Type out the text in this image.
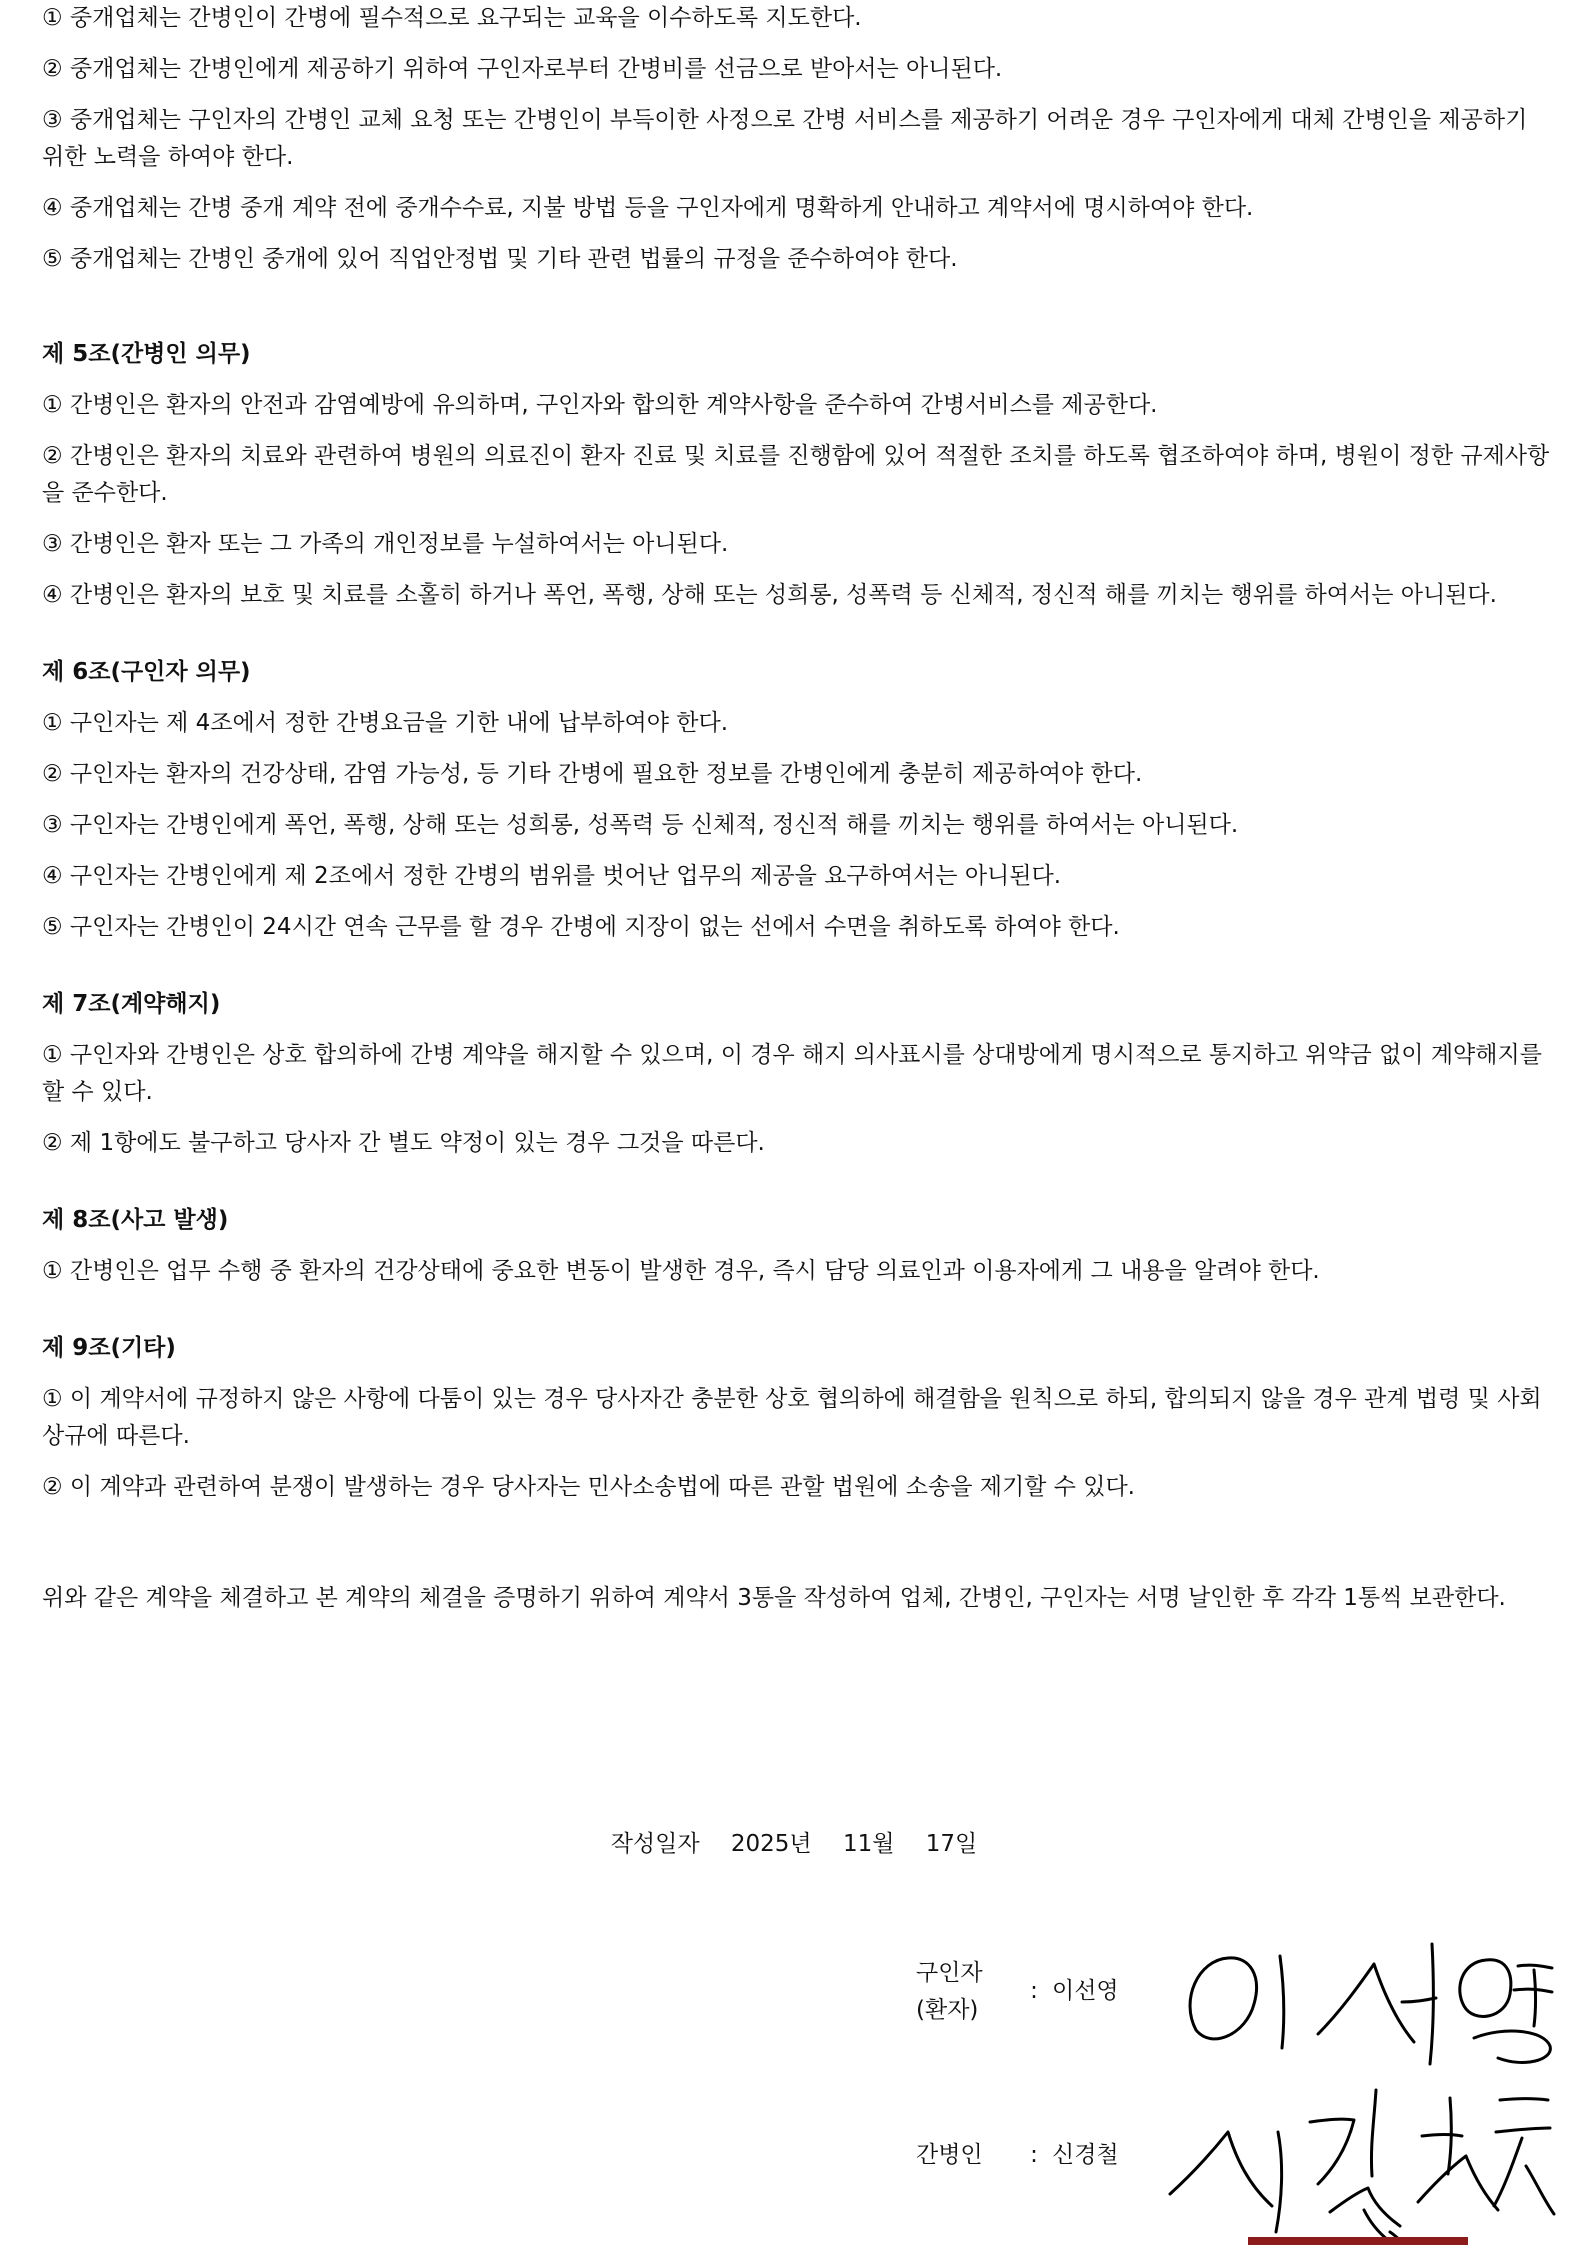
① 중개업체는 간병인이 간병에 필수적으로 요구되는 교육을 이수하도록 지도한다.

② 중개업체는 간병인에게 제공하기 위하여 구인자로부터 간병비를 선금으로 받아서는 아니된다.

③ 중개업체는 구인자의 간병인 교체 요청 또는 간병인이 부득이한 사정으로 간병 서비스를 제공하기 어려운 경우 구인자에게 대체 간병인을 제공하기 위한 노력을 하여야 한다.

④ 중개업체는 간병 중개 계약 전에 중개수수료, 지불 방법 등을 구인자에게 명확하게 안내하고 계약서에 명시하여야 한다.

⑤ 중개업체는 간병인 중개에 있어 직업안정법 및 기타 관련 법률의 규정을 준수하여야 한다.

제 5조(간병인 의무)

① 간병인은 환자의 안전과 감염예방에 유의하며, 구인자와 합의한 계약사항을 준수하여 간병서비스를 제공한다.

② 간병인은 환자의 치료와 관련하여 병원의 의료진이 환자 진료 및 치료를 진행함에 있어 적절한 조치를 하도록 협조하여야 하며, 병원이 정한 규제사항을 준수한다.

③ 간병인은 환자 또는 그 가족의 개인정보를 누설하여서는 아니된다.

④ 간병인은 환자의 보호 및 치료를 소홀히 하거나 폭언, 폭행, 상해 또는 성희롱, 성폭력 등 신체적, 정신적 해를 끼치는 행위를 하여서는 아니된다.

제 6조(구인자 의무)

① 구인자는 제 4조에서 정한 간병요금을 기한 내에 납부하여야 한다.

② 구인자는 환자의 건강상태, 감염 가능성, 등 기타 간병에 필요한 정보를 간병인에게 충분히 제공하여야 한다.

③ 구인자는 간병인에게 폭언, 폭행, 상해 또는 성희롱, 성폭력 등 신체적, 정신적 해를 끼치는 행위를 하여서는 아니된다.

④ 구인자는 간병인에게 제 2조에서 정한 간병의 범위를 벗어난 업무의 제공을 요구하여서는 아니된다.

⑤ 구인자는 간병인이 24시간 연속 근무를 할 경우 간병에 지장이 없는 선에서 수면을 취하도록 하여야 한다.

제 7조(계약해지)

① 구인자와 간병인은 상호 합의하에 간병 계약을 해지할 수 있으며, 이 경우 해지 의사표시를 상대방에게 명시적으로 통지하고 위약금 없이 계약해지를 할 수 있다.

② 제 1항에도 불구하고 당사자 간 별도 약정이 있는 경우 그것을 따른다.

제 8조(사고 발생)

① 간병인은 업무 수행 중 환자의 건강상태에 중요한 변동이 발생한 경우, 즉시 담당 의료인과 이용자에게 그 내용을 알려야 한다.

제 9조(기타)

① 이 계약서에 규정하지 않은 사항에 다툼이 있는 경우 당사자간 충분한 상호 협의하에 해결함을 원칙으로 하되, 합의되지 않을 경우 관계 법령 및 사회상규에 따른다.

② 이 계약과 관련하여 분쟁이 발생하는 경우 당사자는 민사소송법에 따른 관할 법원에 소송을 제기할 수 있다.

위와 같은 계약을 체결하고 본 계약의 체결을 증명하기 위하여 계약서 3통을 작성하여 업체, 간병인, 구인자는 서명 날인한 후 각각 1통씩 보관한다.

작성일자 2025년 11월 17일
구인자
(환자): 이선영
간병인 : 신경철
